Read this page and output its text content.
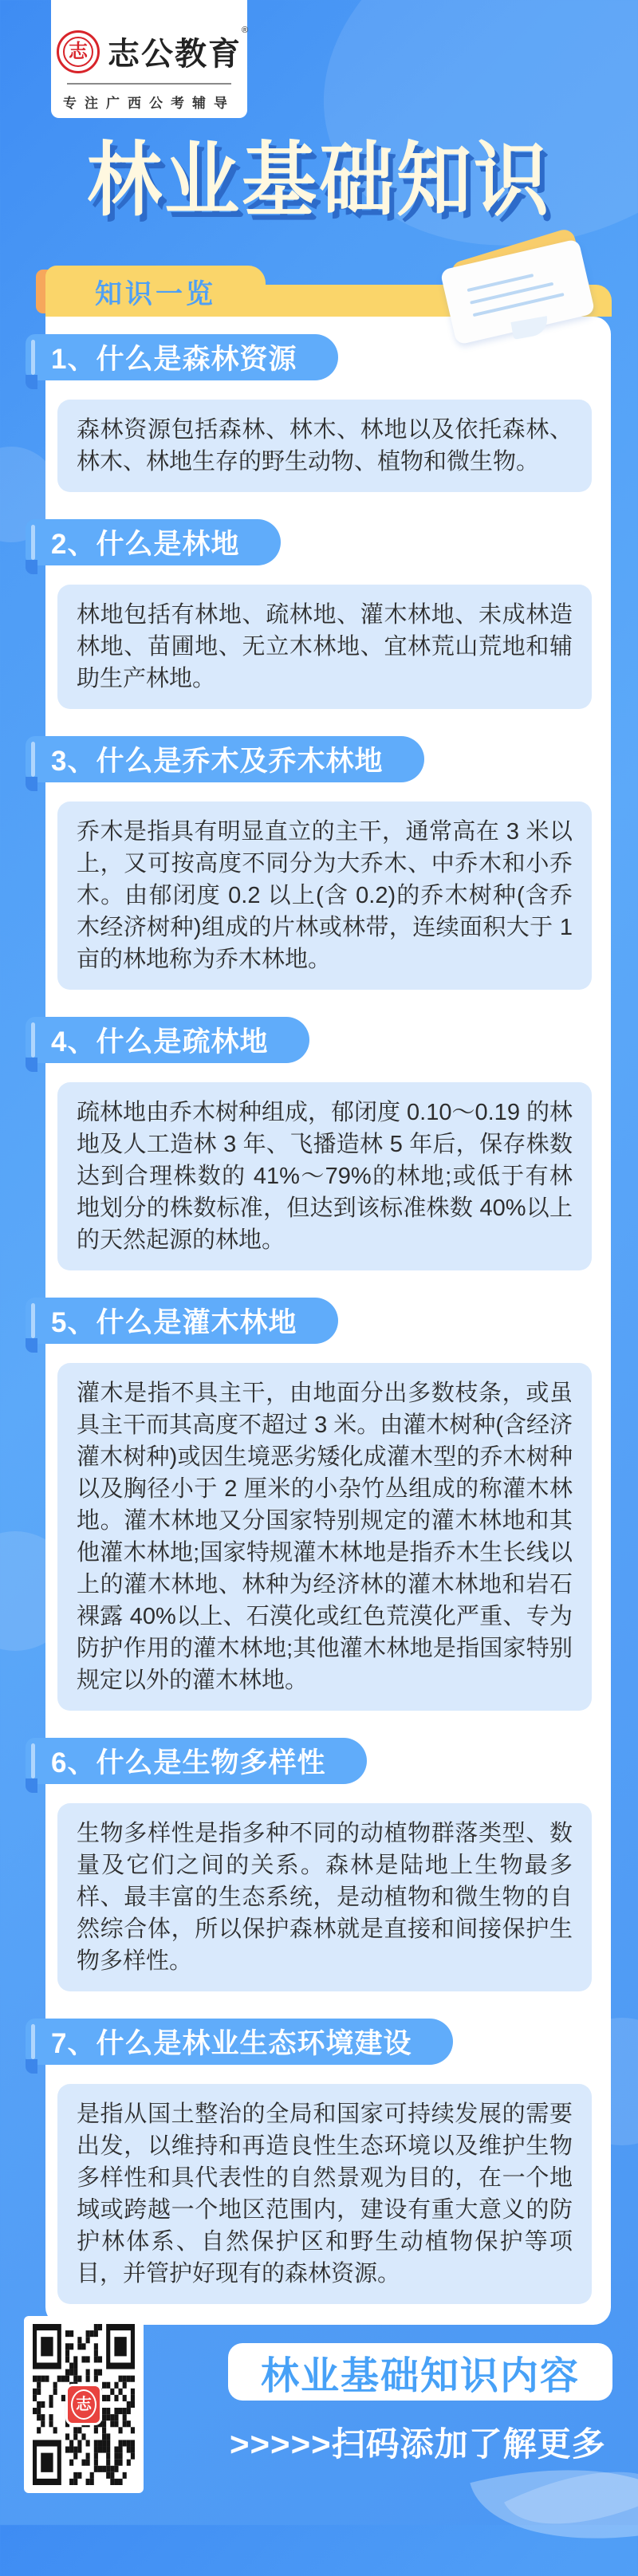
志 志公教育
®
专注广西公考辅导
林业基础知识
知识一览
1、什么是森林资源

森林资源包括森林、林木、林地以及依托森林、林木、林地生存的野生动物、植物和微生物。

2、什么是林地

林地包括有林地、疏林地、灌木林地、未成林造林地、苗圃地、无立木林地、宜林荒山荒地和辅助生产林地。

3、什么是乔木及乔木林地

乔木是指具有明显直立的主干，通常高在 3 米以上，又可按高度不同分为大乔木、中乔木和小乔木。由郁闭度 0.2 以上(含 0.2)的乔木树种(含乔木经济树种)组成的片林或林带，连续面积大于 1 亩的林地称为乔木林地。

4、什么是疏林地

疏林地由乔木树种组成，郁闭度 0.10～0.19 的林地及人工造林 3 年、飞播造林 5 年后，保存株数达到合理株数的 41%～79%的林地;或低于有林地划分的株数标准，但达到该标准株数 40%以上的天然起源的林地。

5、什么是灌木林地

灌木是指不具主干，由地面分出多数枝条，或虽具主干而其高度不超过 3 米。由灌木树种(含经济灌木树种)或因生境恶劣矮化成灌木型的乔木树种以及胸径小于 2 厘米的小杂竹丛组成的称灌木林地。灌木林地又分国家特别规定的灌木林地和其他灌木林地;国家特规灌木林地是指乔木生长线以上的灌木林地、林种为经济林的灌木林地和岩石裸露 40%以上、石漠化或红色荒漠化严重、专为防护作用的灌木林地;其他灌木林地是指国家特别规定以外的灌木林地。

6、什么是生物多样性

生物多样性是指多种不同的动植物群落类型、数量及它们之间的关系。森林是陆地上生物最多样、最丰富的生态系统，是动植物和微生物的自然综合体，所以保护森林就是直接和间接保护生物多样性。

7、什么是林业生态环境建设

是指从国土整治的全局和国家可持续发展的需要出发，以维持和再造良性生态环境以及维护生物多样性和具代表性的自然景观为目的，在一个地域或跨越一个地区范围内，建设有重大意义的防护林体系、自然保护区和野生动植物保护等项目，并管护好现有的森林资源。

志
林业基础知识内容
>>>>>扫码添加了解更多
